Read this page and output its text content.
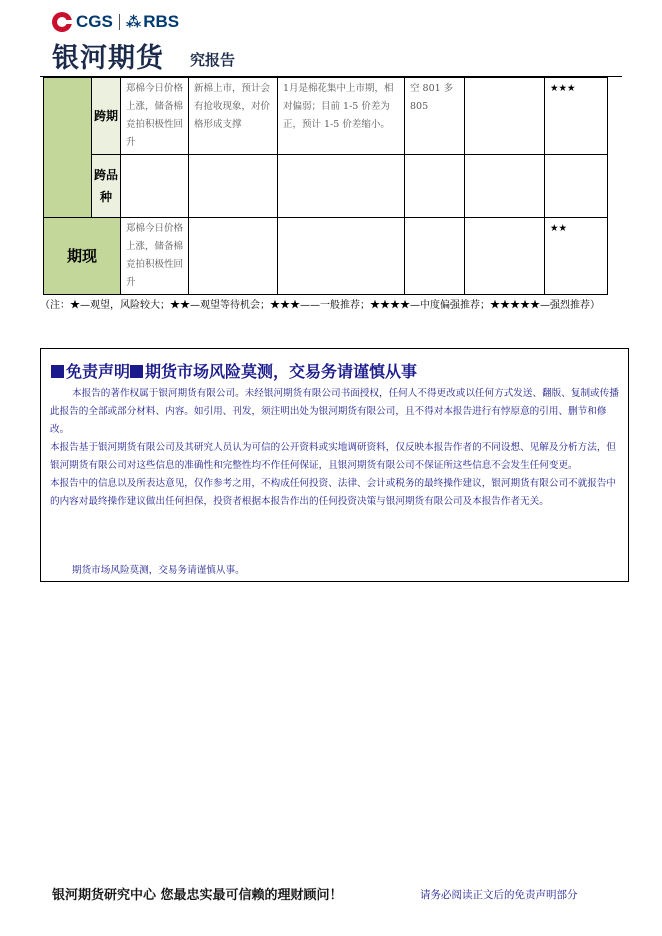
CGS ⁂ RBS
银河期货 究报告
	跨期	郑棉今日价格上涨，储备棉竞拍积极性回升	新棉上市，预计会有抢收现象，对价格形成支撑	1月是棉花集中上市期，相对偏弱；目前 1-5 价差为正，预计 1-5 价差缩小。	空 801 多 805		★★★
	跨品种						
期现		郑棉今日价格上涨，储备棉竞拍积极性回升					★★
（注：★—观望，风险较大；★★—观望等待机会；★★★——一般推荐；★★★★—中度偏强推荐；★★★★★—强烈推荐）
免责声明 期货市场风险莫测，交易务请谨慎从事

本报告的著作权属于银河期货有限公司。未经银河期货有限公司书面授权，任何人不得更改或以任何方式发送、翻版、复制或传播此报告的全部或部分材料、内容。如引用、刊发，须注明出处为银河期货有限公司，且不得对本报告进行有悖原意的引用、删节和修改。

本报告基于银河期货有限公司及其研究人员认为可信的公开资料或实地调研资料，仅反映本报告作者的不同设想、见解及分析方法，但银河期货有限公司对这些信息的准确性和完整性均不作任何保证，且银河期货有限公司不保证所这些信息不会发生任何变更。

本报告中的信息以及所表达意见，仅作参考之用，不构成任何投资、法律、会计或税务的最终操作建议，银河期货有限公司不就报告中的内容对最终操作建议做出任何担保，投资者根据本报告作出的任何投资决策与银河期货有限公司及本报告作者无关。

期货市场风险莫测，交易务请谨慎从事。
银河期货研究中心 您最忠实最可信赖的理财顾问！	请务必阅读正文后的免责声明部分
